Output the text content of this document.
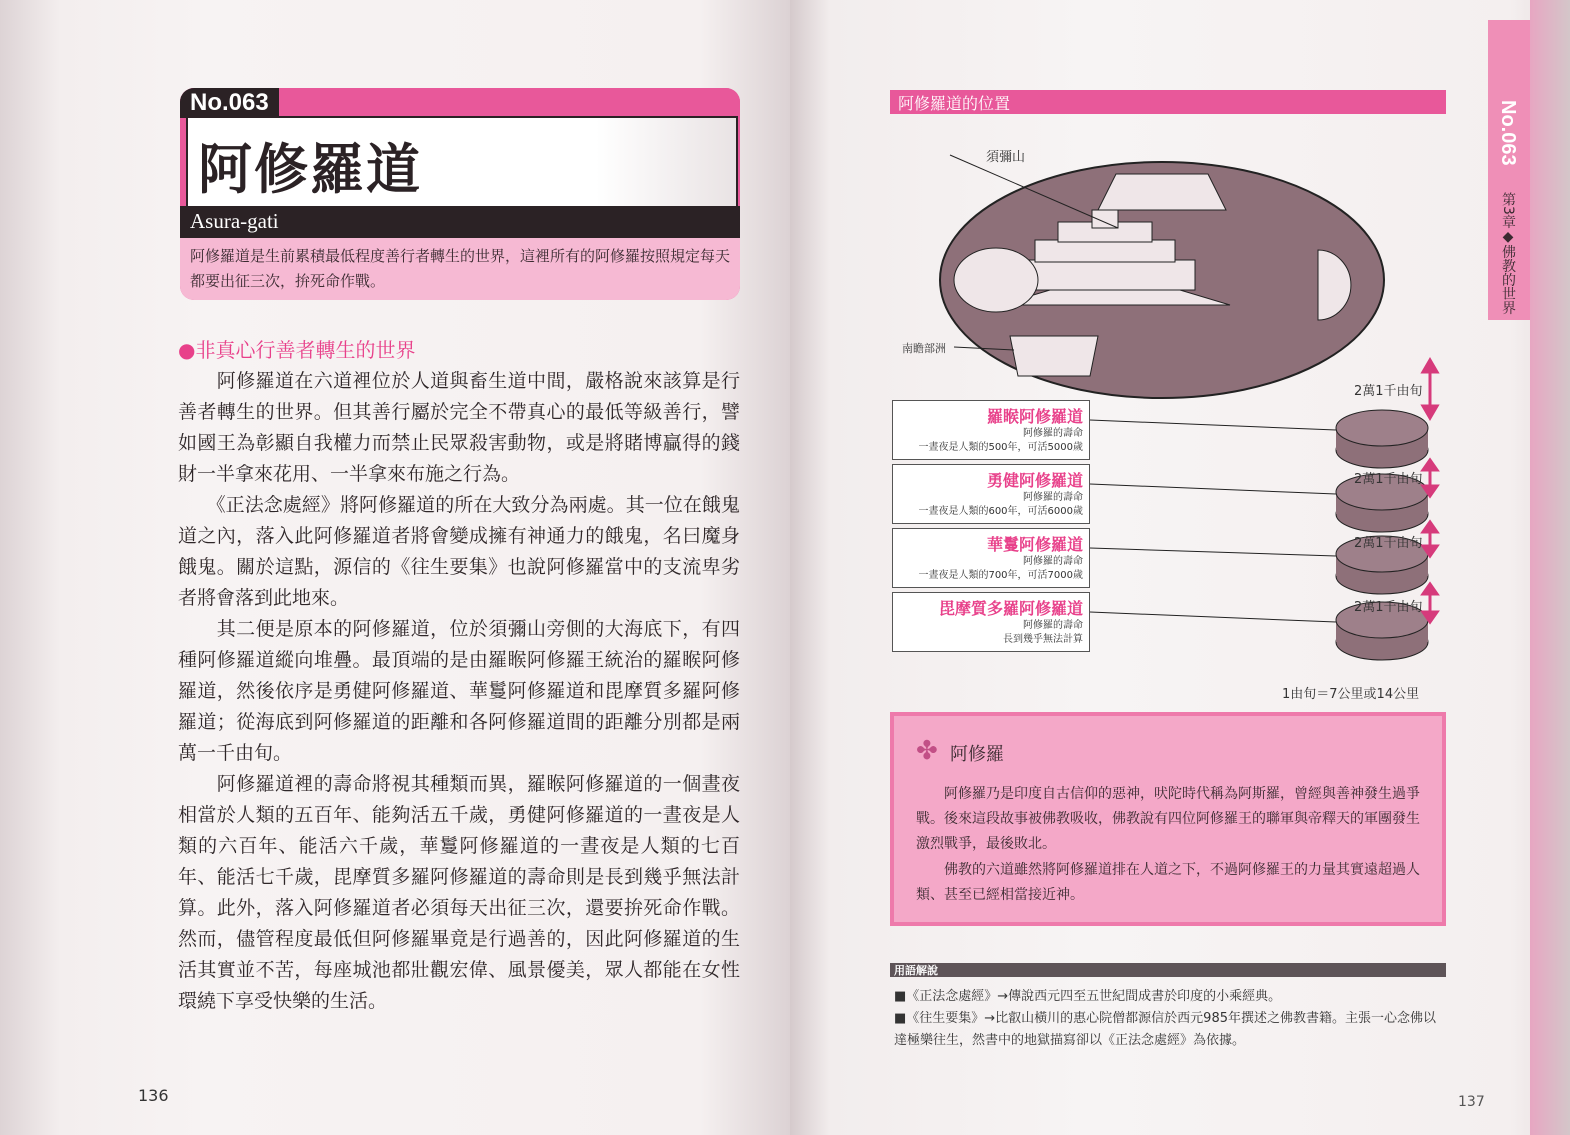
No.063
阿修羅道
Asura-gati
阿修羅道是生前累積最低程度善行者轉生的世界，這裡所有的阿修羅按照規定每天都要出征三次，拚死命作戰。
●非真心行善者轉生的世界
　　阿修羅道在六道裡位於人道與畜生道中間，嚴格說來該算是行善者轉生的世界。但其善行屬於完全不帶真心的最低等級善行，譬如國王為彰顯自我權力而禁止民眾殺害動物，或是將賭博贏得的錢財一半拿來花用、一半拿來布施之行為。
　　《正法念處經》將阿修羅道的所在大致分為兩處。其一位在餓鬼道之內，落入此阿修羅道者將會變成擁有神通力的餓鬼，名曰魔身餓鬼。關於這點，源信的《往生要集》也說阿修羅當中的支流卑劣者將會落到此地來。
　　其二便是原本的阿修羅道，位於須彌山旁側的大海底下，有四種阿修羅道縱向堆疊。最頂端的是由羅睺阿修羅王統治的羅睺阿修羅道，然後依序是勇健阿修羅道、華鬘阿修羅道和毘摩質多羅阿修羅道；從海底到阿修羅道的距離和各阿修羅道間的距離分別都是兩萬一千由旬。
　　阿修羅道裡的壽命將視其種類而異，羅睺阿修羅道的一個晝夜相當於人類的五百年、能夠活五千歲，勇健阿修羅道的一晝夜是人類的六百年、能活六千歲，華鬘阿修羅道的一晝夜是人類的七百年、能活七千歲，毘摩質多羅阿修羅道的壽命則是長到幾乎無法計算。此外，落入阿修羅道者必須每天出征三次，還要拚死命作戰。然而，儘管程度最低但阿修羅畢竟是行過善的，因此阿修羅道的生活其實並不苦，每座城池都壯觀宏偉、風景優美，眾人都能在女性環繞下享受快樂的生活。
136
No.063
第3章◆佛教的世界
阿修羅道的位置
須彌山
南瞻部洲
羅睺阿修羅道
阿修羅的壽命
一晝夜是人類的500年，可活5000歲
勇健阿修羅道
阿修羅的壽命
一晝夜是人類的600年，可活6000歲
華鬘阿修羅道
阿修羅的壽命
一晝夜是人類的700年，可活7000歲
毘摩質多羅阿修羅道
阿修羅的壽命
長到幾乎無法計算
2萬1千由旬
2萬1千由旬
2萬1千由旬
2萬1千由旬
1由旬＝7公里或14公里
✤ 阿修羅
　　阿修羅乃是印度自古信仰的惡神，吠陀時代稱為阿斯羅，曾經與善神發生過爭戰。後來這段故事被佛教吸收，佛教說有四位阿修羅王的聯軍與帝釋天的軍團發生激烈戰爭，最後敗北。
　　佛教的六道雖然將阿修羅道排在人道之下，不過阿修羅王的力量其實遠超過人類、甚至已經相當接近神。
用語解說
■《正法念處經》→傳說西元四至五世紀間成書於印度的小乘經典。
■《往生要集》→比叡山橫川的惠心院僧都源信於西元985年撰述之佛教書籍。主張一心念佛以達極樂往生，然書中的地獄描寫卻以《正法念處經》為依據。
137
